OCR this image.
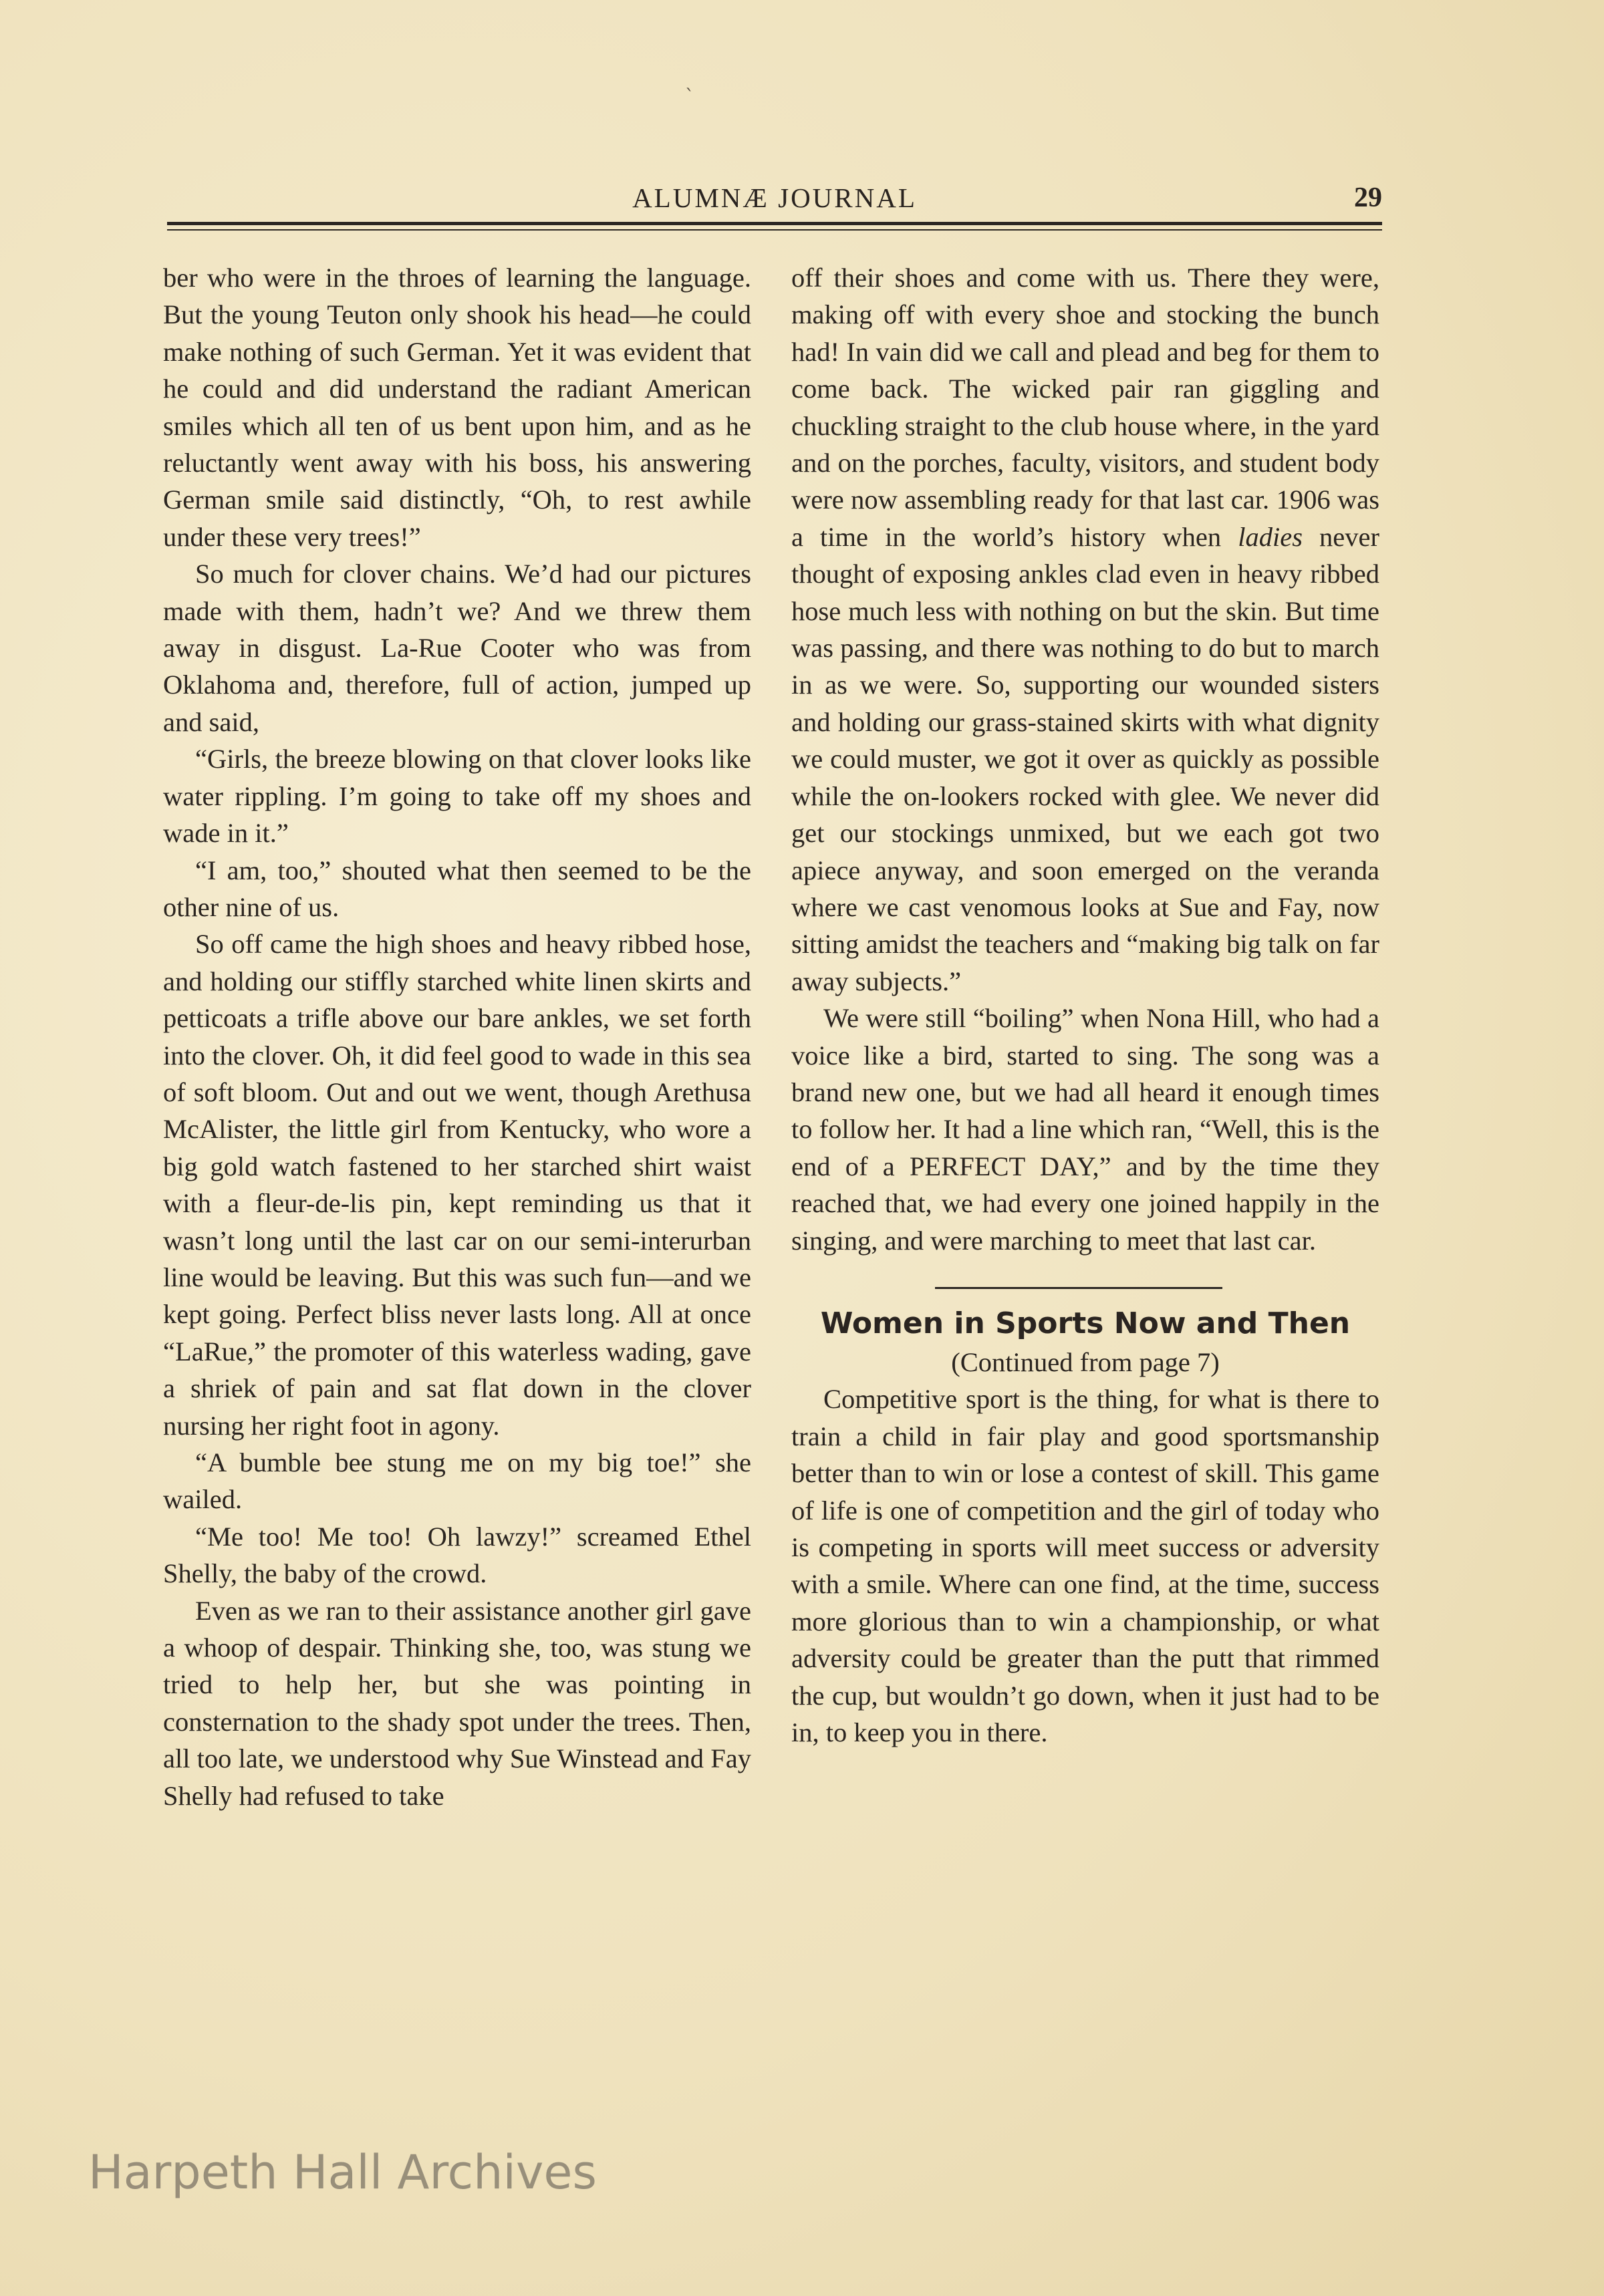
ˋ
ALUMNÆ JOURNAL	29

ber who were in the throes of learning the language. But the young Teuton only shook his head—he could make nothing of such German. Yet it was evident that he could and did understand the radiant American smiles which all ten of us bent upon him, and as he reluctantly went away with his boss, his answering German smile said distinctly, “Oh, to rest awhile under these very trees!”

So much for clover chains. We’d had our pictures made with them, hadn’t we? And we threw them away in disgust. La-Rue Cooter who was from Oklahoma and, therefore, full of action, jumped up and said,

“Girls, the breeze blowing on that clover looks like water rippling. I’m going to take off my shoes and wade in it.”

“I am, too,” shouted what then seemed to be the other nine of us.

So off came the high shoes and heavy ribbed hose, and holding our stiffly starched white linen skirts and petticoats a trifle above our bare ankles, we set forth into the clover. Oh, it did feel good to wade in this sea of soft bloom. Out and out we went, though Arethusa McAlister, the little girl from Kentucky, who wore a big gold watch fastened to her starched shirt waist with a fleur-de-lis pin, kept reminding us that it wasn’t long until the last car on our semi-interurban line would be leaving. But this was such fun—and we kept going. Perfect bliss never lasts long. All at once “LaRue,” the promoter of this waterless wading, gave a shriek of pain and sat flat down in the clover nursing her right foot in agony.

“A bumble bee stung me on my big toe!” she wailed.

“Me too! Me too! Oh lawzy!” screamed Ethel Shelly, the baby of the crowd.

Even as we ran to their assistance another girl gave a whoop of despair. Thinking she, too, was stung we tried to help her, but she was pointing in consternation to the shady spot under the trees. Then, all too late, we understood why Sue Winstead and Fay Shelly had refused to take

off their shoes and come with us. There they were, making off with every shoe and stocking the bunch had! In vain did we call and plead and beg for them to come back. The wicked pair ran giggling and chuckling straight to the club house where, in the yard and on the porches, faculty, visitors, and student body were now assembling ready for that last car. 1906 was a time in the world’s history when ladies never thought of exposing ankles clad even in heavy ribbed hose much less with nothing on but the skin. But time was passing, and there was nothing to do but to march in as we were. So, supporting our wounded sisters and holding our grass-stained skirts with what dignity we could muster, we got it over as quickly as possible while the on-lookers rocked with glee. We never did get our stockings unmixed, but we each got two apiece anyway, and soon emerged on the veranda where we cast venomous looks at Sue and Fay, now sitting amidst the teachers and “making big talk on far away subjects.”

We were still “boiling” when Nona Hill, who had a voice like a bird, started to sing. The song was a brand new one, but we had all heard it enough times to follow her. It had a line which ran, “Well, this is the end of a PERFECT DAY,” and by the time they reached that, we had every one joined happily in the singing, and were marching to meet that last car.

Women in Sports Now and Then

(Continued from page 7)

Competitive sport is the thing, for what is there to train a child in fair play and good sportsmanship better than to win or lose a contest of skill. This game of life is one of competition and the girl of today who is competing in sports will meet success or adversity with a smile. Where can one find, at the time, success more glorious than to win a championship, or what adversity could be greater than the putt that rimmed the cup, but wouldn’t go down, when it just had to be in, to keep you in there.

Harpeth Hall Archives
